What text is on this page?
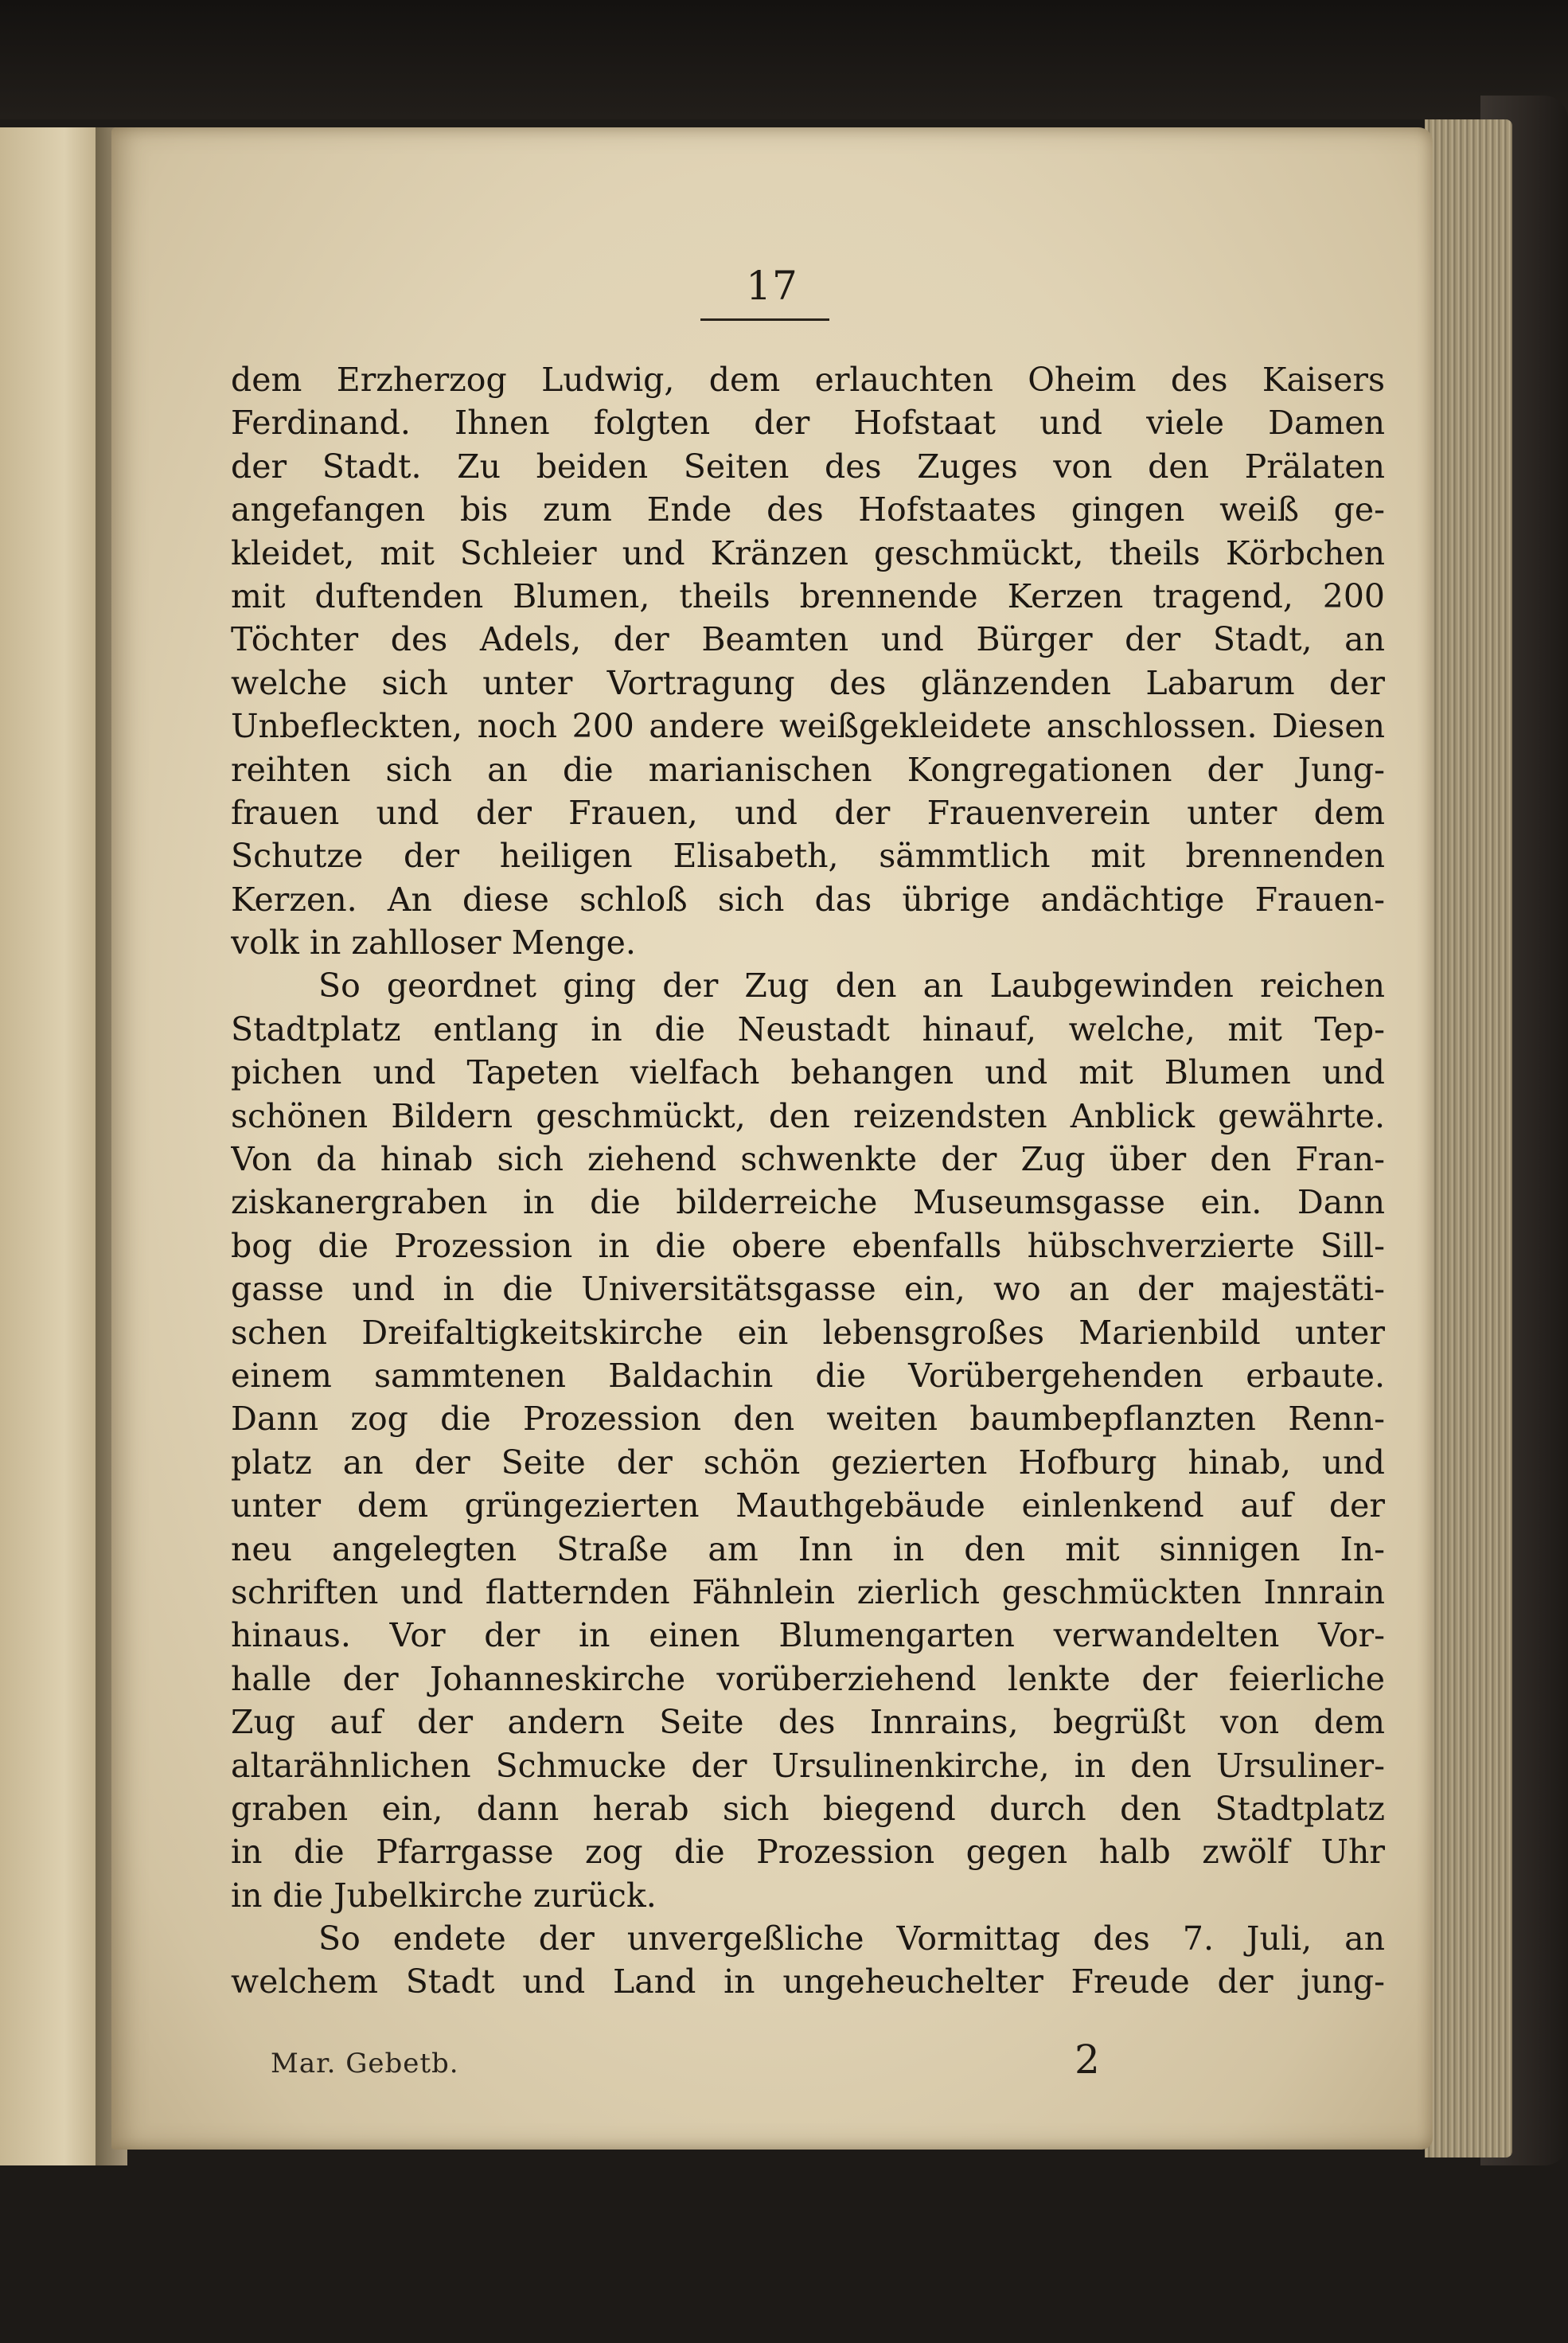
17
dem Erzherzog Ludwig, dem erlauchten Oheim des Kaisers
Ferdinand. Ihnen folgten der Hofstaat und viele Damen
der Stadt. Zu beiden Seiten des Zuges von den Prälaten
angefangen bis zum Ende des Hofstaates gingen weiß ge-
kleidet, mit Schleier und Kränzen geschmückt, theils Körbchen
mit duftenden Blumen, theils brennende Kerzen tragend, 200
Töchter des Adels, der Beamten und Bürger der Stadt, an
welche sich unter Vortragung des glänzenden Labarum der
Unbefleckten, noch 200 andere weißgekleidete anschlossen. Diesen
reihten sich an die marianischen Kongregationen der Jung-
frauen und der Frauen, und der Frauenverein unter dem
Schutze der heiligen Elisabeth, sämmtlich mit brennenden
Kerzen. An diese schloß sich das übrige andächtige Frauen-
volk in zahlloser Menge.
So geordnet ging der Zug den an Laubgewinden reichen
Stadtplatz entlang in die Neustadt hinauf, welche, mit Tep-
pichen und Tapeten vielfach behangen und mit Blumen und
schönen Bildern geschmückt, den reizendsten Anblick gewährte.
Von da hinab sich ziehend schwenkte der Zug über den Fran-
ziskanergraben in die bilderreiche Museumsgasse ein. Dann
bog die Prozession in die obere ebenfalls hübschverzierte Sill-
gasse und in die Universitätsgasse ein, wo an der majestäti-
schen Dreifaltigkeitskirche ein lebensgroßes Marienbild unter
einem sammtenen Baldachin die Vorübergehenden erbaute.
Dann zog die Prozession den weiten baumbepflanzten Renn-
platz an der Seite der schön gezierten Hofburg hinab, und
unter dem grüngezierten Mauthgebäude einlenkend auf der
neu angelegten Straße am Inn in den mit sinnigen In-
schriften und flatternden Fähnlein zierlich geschmückten Innrain
hinaus. Vor der in einen Blumengarten verwandelten Vor-
halle der Johanneskirche vorüberziehend lenkte der feierliche
Zug auf der andern Seite des Innrains, begrüßt von dem
altarähnlichen Schmucke der Ursulinenkirche, in den Ursuliner-
graben ein, dann herab sich biegend durch den Stadtplatz
in die Pfarrgasse zog die Prozession gegen halb zwölf Uhr
in die Jubelkirche zurück.
So endete der unvergeßliche Vormittag des 7. Juli, an
welchem Stadt und Land in ungeheuchelter Freude der jung-
Mar. Gebetb.	2
